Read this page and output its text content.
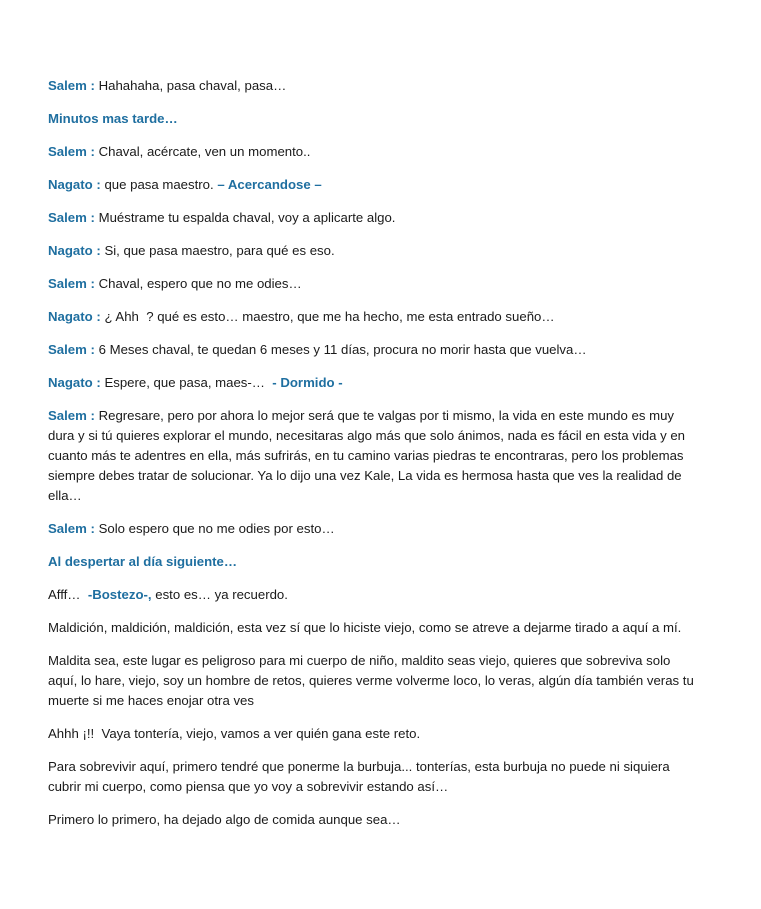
Salem : Hahahaha, pasa chaval, pasa…

Minutos mas tarde…

Salem : Chaval, acércate, ven un momento..

Nagato : que pasa maestro. – Acercandose –

Salem : Muéstrame tu espalda chaval, voy a aplicarte algo.

Nagato : Si, que pasa maestro, para qué es eso.

Salem : Chaval, espero que no me odies…

Nagato : ¿ Ahh  ? qué es esto… maestro, que me ha hecho, me esta entrado sueño…

Salem : 6 Meses chaval, te quedan 6 meses y 11 días, procura no morir hasta que vuelva…

Nagato : Espere, que pasa, maes-…  - Dormido -

Salem : Regresare, pero por ahora lo mejor será que te valgas por ti mismo, la vida en este mundo es muy dura y si tú quieres explorar el mundo, necesitaras algo más que solo ánimos, nada es fácil en esta vida y en cuanto más te adentres en ella, más sufrirás, en tu camino varias piedras te encontraras, pero los problemas siempre debes tratar de solucionar. Ya lo dijo una vez Kale, La vida es hermosa hasta que ves la realidad de ella…

Salem : Solo espero que no me odies por esto…

Al despertar al día siguiente…

Afff…  -Bostezo-, esto es… ya recuerdo.

Maldición, maldición, maldición, esta vez sí que lo hiciste viejo, como se atreve a dejarme tirado a aquí a mí.

Maldita sea, este lugar es peligroso para mi cuerpo de niño, maldito seas viejo, quieres que sobreviva solo aquí, lo hare, viejo, soy un hombre de retos, quieres verme volverme loco, lo veras, algún día también veras tu muerte si me haces enojar otra ves

Ahhh ¡!!  Vaya tontería, viejo, vamos a ver quién gana este reto.

Para sobrevivir aquí, primero tendré que ponerme la burbuja... tonterías, esta burbuja no puede ni siquiera cubrir mi cuerpo, como piensa que yo voy a sobrevivir estando así…

Primero lo primero, ha dejado algo de comida aunque sea…
